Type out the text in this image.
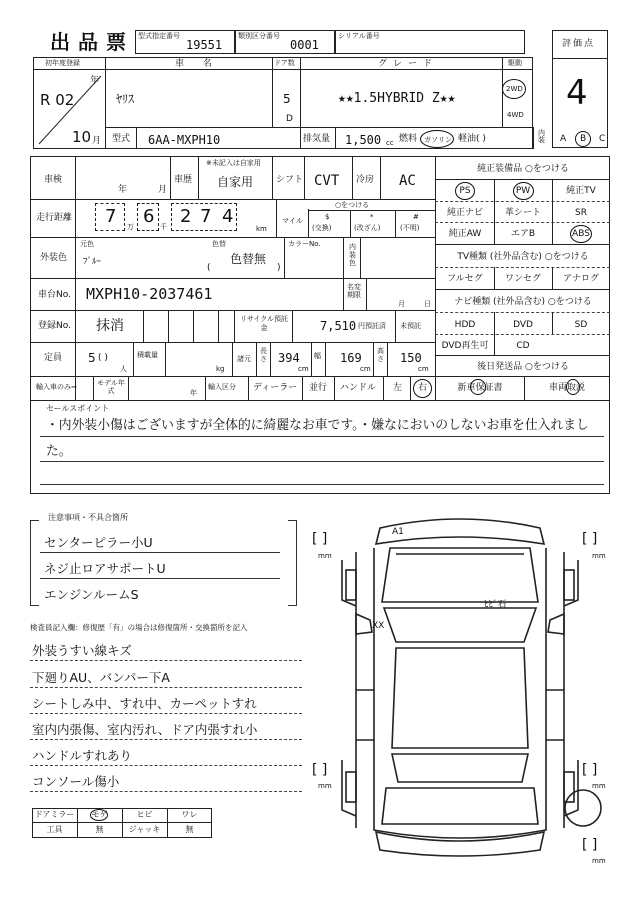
出品票 型式指定番号
19551
類別区分番号
0001
シリアル番号
評価点
4
初年度登録
R 02
年
10 月
車 名
ﾔﾘｽ
ドア数
5
D
グレード
★★1.5HYBRID Z★★
駆動
2WD
4WD
型式 6AA-MXPH10	排気量 1,500 cc 燃料 ガソリン 軽油 ( )
内装 A B C
車検
年	月
車歴
※未記入は自家用
自家用	シフト CVT 冷房 AC
走行距離 7 万 6 千 2 7 4
km
マイル
○をつける
$
(交換)
*
(改ざん)
#
(不明)
外装色
元色
ﾌﾞﾙｰ
色替
色替無
(	)
カラーNo.	内装色
車台No. MXPH10-2037461	名変期限
月	日
登録No. 抹消	リサイクル預託金	7,510 円預託済 未預託
定員 5 ( )
人
積載量
kg
諸元
長さ 394
cm
幅 169
cm
高さ 150
cm
輸入車のみ⇒	モデル年式	年
輸入区分 ディーラー 並行 ハンドル 左 右
純正装備品 ○をつける
PS	PW	純正TV
純正ナビ	革シート	SR
純正AW	エアB	ABS
TV種類 (社外品含む) ○をつける
フルセグ	ワンセグ	アナログ
ナビ種類 (社外品含む) ○をつける
HDD	DVD	SD
DVD再生可	CD
後日発送品 ○をつける
新車保証書	車両取説
セールスポイント
・内外装小傷はございますが全体的に綺麗なお車です。・嫌なにおいのしないお車を仕入れまし
た。
注意事項・不具合箇所
センターピラー小U
ネジ止ロアサポートU
エンジンルームS
検査員記入欄：修復歴「有」の場合は修復箇所・交換箇所を記入
外装うすい線キズ
下廻りAU、バンパー下A
シートしみ中、すれ中、カーペットすれ
室内内張傷、室内汚れ、ドア内張すれ小
ハンドルすれあり
コンソール傷小
ドアミラー	モゲ	ヒビ	ワレ
工具	無	ジャッキ	無
A1
ﾋﾋﾞ石
XX
[ ]
mm
[ ]
mm
[ ]
mm
[ ]
mm
[ ]
mm
